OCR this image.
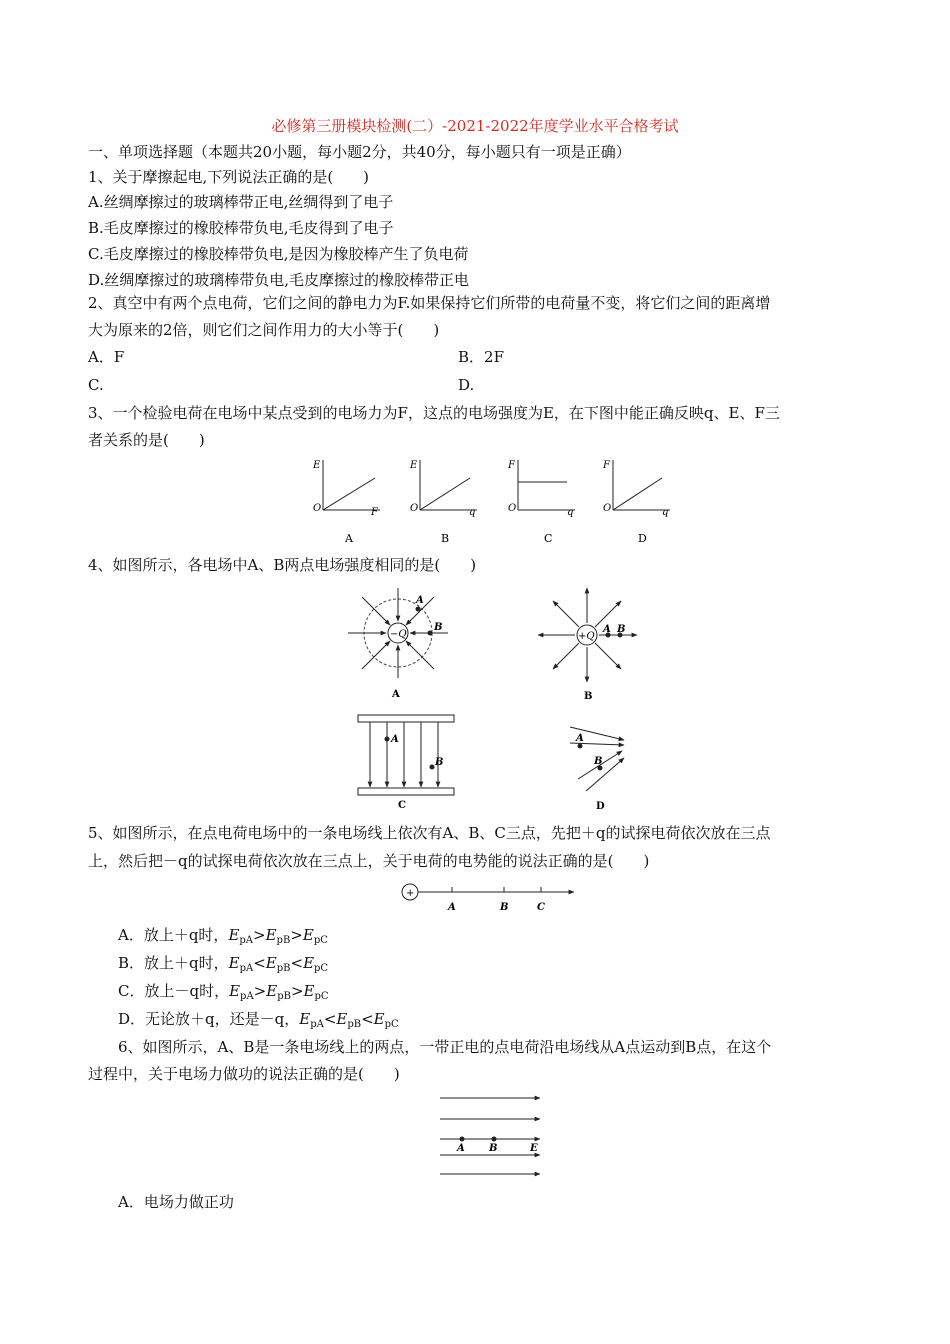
必修第三册模块检测(二）-2021-2022年度学业水平合格考试
一、单项选择题（本题共20小题，每小题2分，共40分，每小题只有一项是正确）
1、关于摩擦起电,下列说法正确的是(　　)
A.丝绸摩擦过的玻璃棒带正电,丝绸得到了电子
B.毛皮摩擦过的橡胶棒带负电,毛皮得到了电子
C.毛皮摩擦过的橡胶棒带负电,是因为橡胶棒产生了负电荷
D.丝绸摩擦过的玻璃棒带负电,毛皮摩擦过的橡胶棒带正电
2、真空中有两个点电荷，它们之间的静电力为F.如果保持它们所带的电荷量不变，将它们之间的距离增
大为原来的2倍，则它们之间作用力的大小等于(　　)
A．F	B．2F
C.	D.
3、一个检验电荷在电场中某点受到的电场力为F，这点的电场强度为E，在下图中能正确反映q、E、F三
者关系的是(　　)
E
O	F
A
E
O	q
B
F
O	q
C
F
O	q
D
4、如图所示，各电场中A、B两点电场强度相同的是(　　)
−Q
A
B
A
+Q
A B
B
A
B
C
A
B
D
5、如图所示，在点电荷电场中的一条电场线上依次有A、B、C三点，先把＋q的试探电荷依次放在三点
上，然后把－q的试探电荷依次放在三点上，关于电荷的电势能的说法正确的是(　　)
+
A	B	C
A．放上＋q时，$E_{pA}>E_{pB}>E_{pC}$
B．放上＋q时，$E_{pA}<E_{pB}<E_{pC}$
C．放上－q时，$E_{pA}>E_{pB}>E_{pC}$
D．无论放＋q，还是－q，$E_{pA}<E_{pB}<E_{pC}$
6、如图所示，A、B是一条电场线上的两点，一带正电的点电荷沿电场线从A点运动到B点，在这个
过程中，关于电场力做功的说法正确的是(　　)
A B	E
A．电场力做正功
